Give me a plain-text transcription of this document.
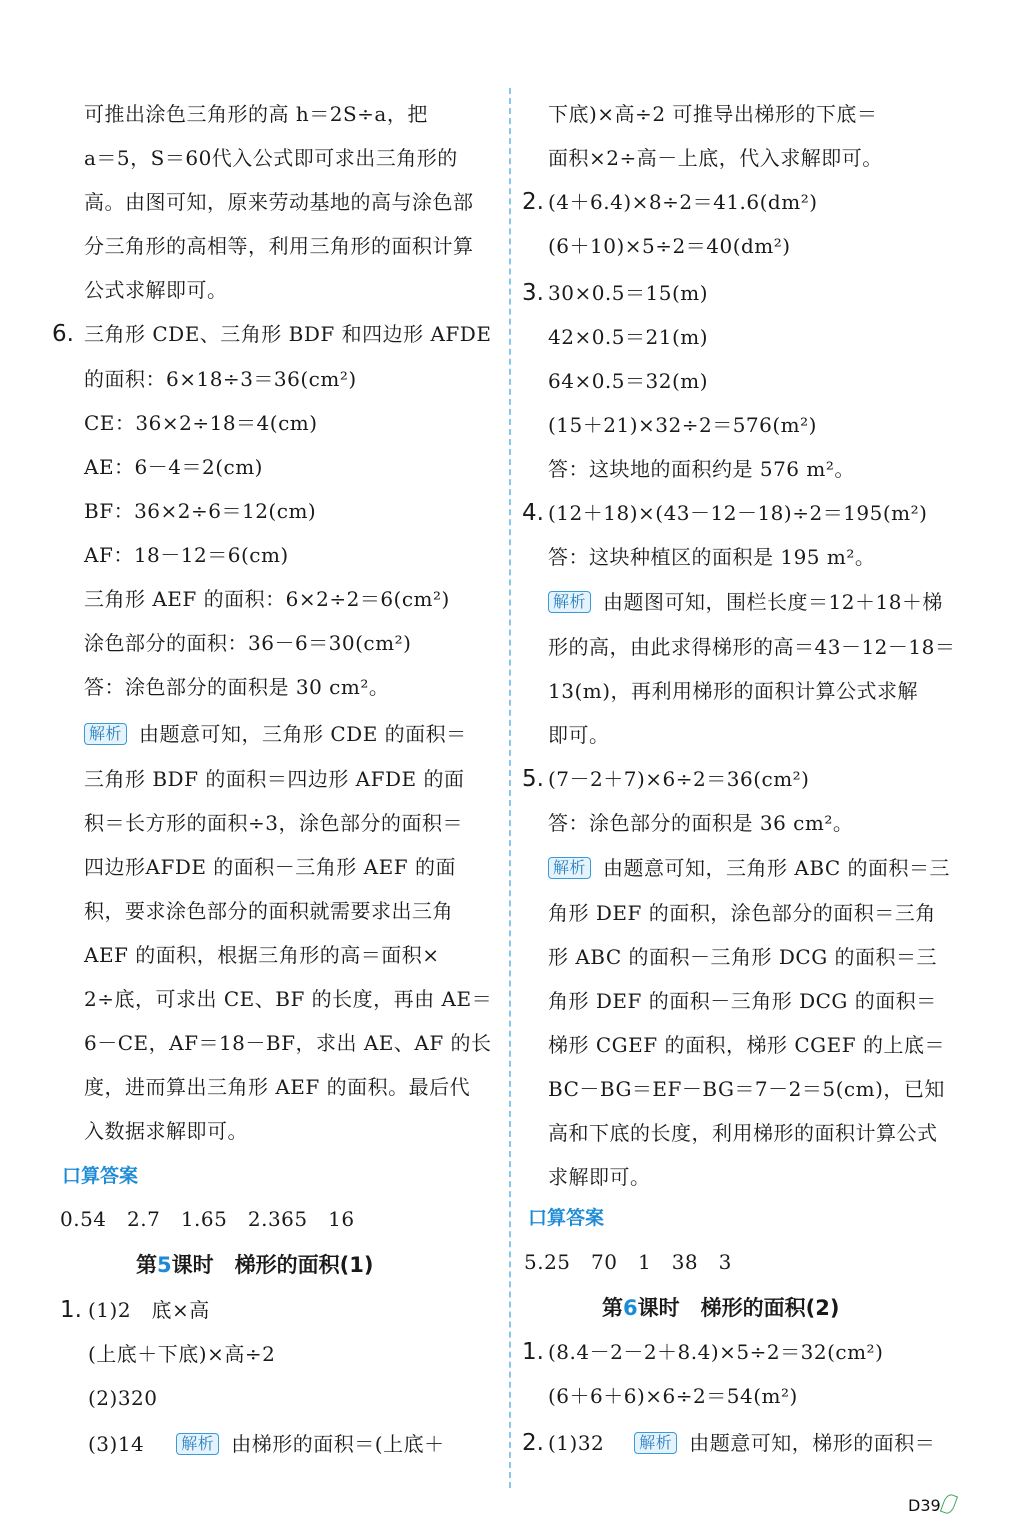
可推出涂色三角形的高 h＝2S÷a，把
a＝5，S＝60代入公式即可求出三角形的
高。由图可知，原来劳动基地的高与涂色部
分三角形的高相等，利用三角形的面积计算
公式求解即可。
6. 三角形 CDE、三角形 BDF 和四边形 AFDE
的面积：6×18÷3＝36(cm²)
CE：36×2÷18＝4(cm)
AE：6－4＝2(cm)
BF：36×2÷6＝12(cm)
AF：18－12＝6(cm)
三角形 AEF 的面积：6×2÷2＝6(cm²)
涂色部分的面积：36－6＝30(cm²)
答：涂色部分的面积是 30 cm²。
解析 由题意可知，三角形 CDE 的面积＝
三角形 BDF 的面积＝四边形 AFDE 的面
积＝长方形的面积÷3，涂色部分的面积＝
四边形AFDE 的面积－三角形 AEF 的面
积，要求涂色部分的面积就需要求出三角
AEF 的面积，根据三角形的高＝面积×
2÷底，可求出 CE、BF 的长度，再由 AE＝
6－CE，AF＝18－BF，求出 AE、AF 的长
度，进而算出三角形 AEF 的面积。最后代
入数据求解即可。
口算答案
0.54　2.7　1.65　2.365　16
第5课时　梯形的面积(1)
1. (1)2　底×高
(上底＋下底)×高÷2
(2)320
(3)14 解析 由梯形的面积＝(上底＋
下底)×高÷2 可推导出梯形的下底＝
面积×2÷高－上底，代入求解即可。
2. (4＋6.4)×8÷2＝41.6(dm²)
(6＋10)×5÷2＝40(dm²)
3. 30×0.5＝15(m)
42×0.5＝21(m)
64×0.5＝32(m)
(15＋21)×32÷2＝576(m²)
答：这块地的面积约是 576 m²。
4. (12＋18)×(43－12－18)÷2＝195(m²)
答：这块种植区的面积是 195 m²。
解析 由题图可知，围栏长度＝12＋18＋梯
形的高，由此求得梯形的高＝43－12－18＝
13(m)，再利用梯形的面积计算公式求解
即可。
5. (7－2＋7)×6÷2＝36(cm²)
答：涂色部分的面积是 36 cm²。
解析 由题意可知，三角形 ABC 的面积＝三
角形 DEF 的面积，涂色部分的面积＝三角
形 ABC 的面积－三角形 DCG 的面积＝三
角形 DEF 的面积－三角形 DCG 的面积＝
梯形 CGEF 的面积，梯形 CGEF 的上底＝
BC－BG＝EF－BG＝7－2＝5(cm)，已知
高和下底的长度，利用梯形的面积计算公式
求解即可。
口算答案
5.25　70　1　38　3
第6课时　梯形的面积(2)
1. (8.4－2－2＋8.4)×5÷2＝32(cm²)
(6＋6＋6)×6÷2＝54(m²)
2. (1)32 解析 由题意可知，梯形的面积＝
D39
